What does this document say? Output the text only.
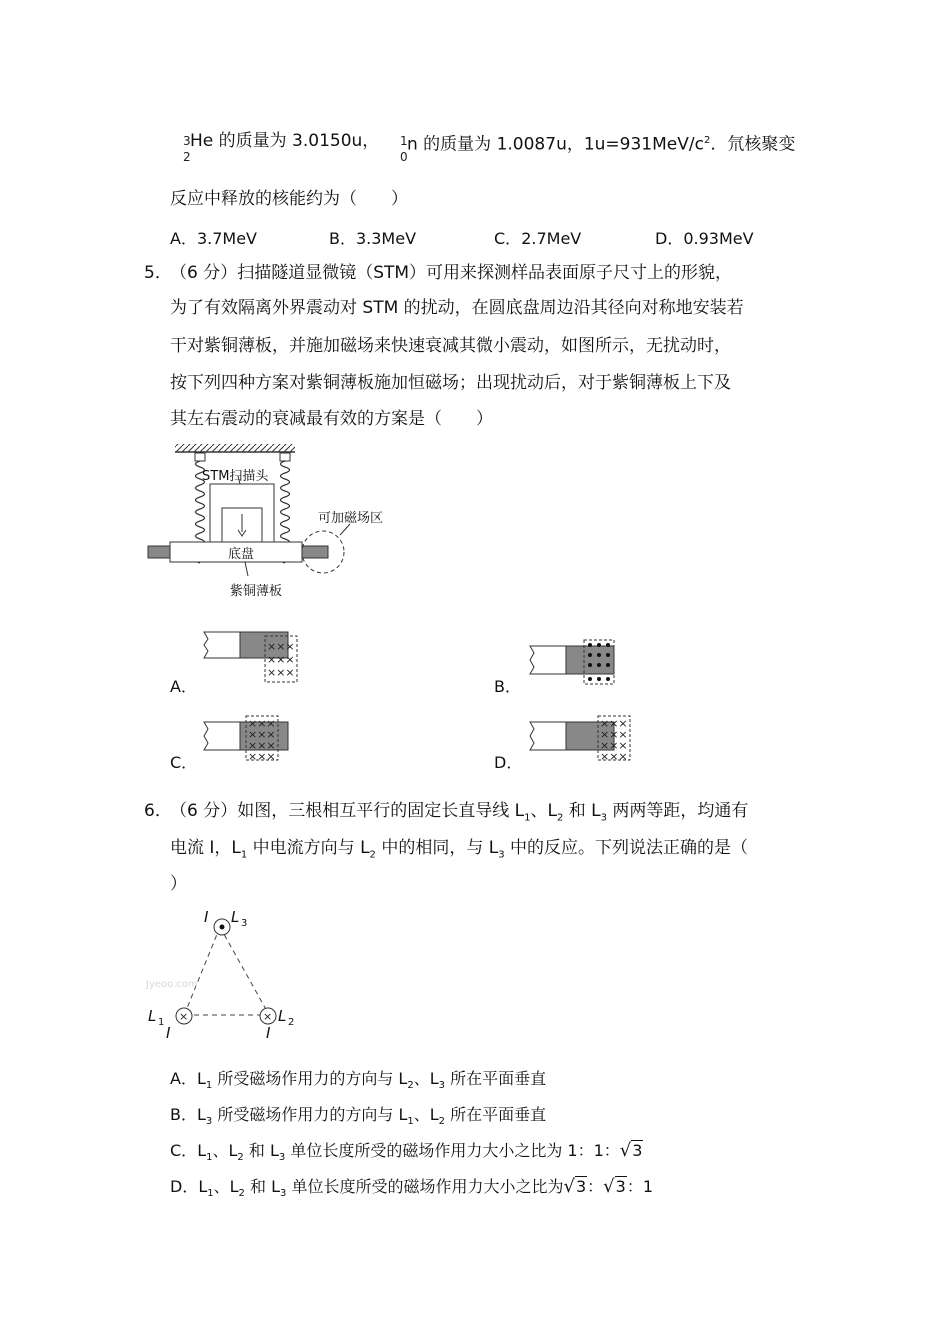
3
2
He 的质量为 3.0150u， 1
0
n 的质量为 1.0087u，$1u=931MeV/c^2$．氘核聚变
反应中释放的核能约为（　　）
A．3.7MeV	B．3.3MeV	C．2.7MeV	D．0.93MeV
5．
（6 分）扫描隧道显微镜（STM）可用来探测样品表面原子尺寸上的形貌，
为了有效隔离外界震动对 STM 的扰动，在圆底盘周边沿其径向对称地安装若
干对紫铜薄板，并施加磁场来快速衰减其微小震动，如图所示，无扰动时，
按下列四种方案对紫铜薄板施加恒磁场；出现扰动后，对于紫铜薄板上下及
其左右震动的衰减最有效的方案是（　　）
STM扫描头
可加磁场区
底盘
紫铜薄板
A．
×××
×××
×××
B．
C．
×××
×××
×××
×××	D．
×××
×××
×××
×××
6．
（6 分）如图，三根相互平行的固定长直导线 $L_1$、$L_2$ 和 $L_3$ 两两等距，均通有
电流 I，$L_1$ 中电流方向与 $L_2$ 中的相同，与 $L_3$ 中的反应。下列说法正确的是（
）
×	×
I L 3
L 1
I
L 2
I
Jyeoo.com
A．$L_1$ 所受磁场作用力的方向与 $L_2$、$L_3$ 所在平面垂直
B．$L_3$ 所受磁场作用力的方向与 $L_1$、$L_2$ 所在平面垂直
C．$L_1$、$L_2$ 和 $L_3$ 单位长度所受的磁场作用力大小之比为 1：1：√3
D．$L_1$、$L_2$ 和 $L_3$ 单位长度所受的磁场作用力大小之比为√3：√3：1
